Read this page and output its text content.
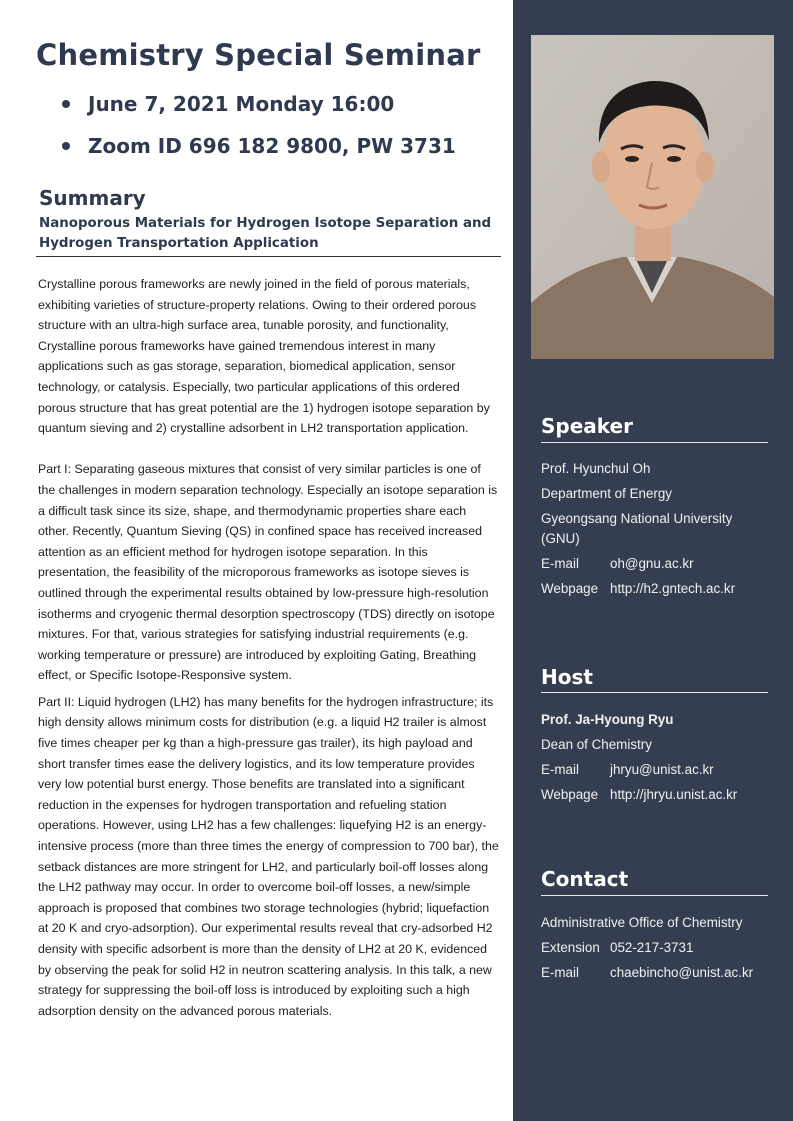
Chemistry Special Seminar
June 7, 2021 Monday 16:00
Zoom ID 696 182 9800, PW 3731
Summary
Nanoporous Materials for Hydrogen Isotope Separation and Hydrogen Transportation Application

Crystalline porous frameworks are newly joined in the field of porous materials, exhibiting varieties of structure-property relations. Owing to their ordered porous structure with an ultra-high surface area, tunable porosity, and functionality, Crystalline porous frameworks have gained tremendous interest in many applications such as gas storage, separation, biomedical application, sensor technology, or catalysis. Especially, two particular applications of this ordered porous structure that has great potential are the 1) hydrogen isotope separation by quantum sieving and 2) crystalline adsorbent in LH2 transportation application.

Part I: Separating gaseous mixtures that consist of very similar particles is one of the challenges in modern separation technology. Especially an isotope separation is a difficult task since its size, shape, and thermodynamic properties share each other. Recently, Quantum Sieving (QS) in confined space has received increased attention as an efficient method for hydrogen isotope separation. In this presentation, the feasibility of the microporous frameworks as isotope sieves is outlined through the experimental results obtained by low-pressure high-resolution isotherms and cryogenic thermal desorption spectroscopy (TDS) directly on isotope mixtures. For that, various strategies for satisfying industrial requirements (e.g. working temperature or pressure) are introduced by exploiting Gating, Breathing effect, or Specific Isotope-Responsive system.

Part II: Liquid hydrogen (LH2) has many benefits for the hydrogen infrastructure; its high density allows minimum costs for distribution (e.g. a liquid H2 trailer is almost five times cheaper per kg than a high-pressure gas trailer), its high payload and short transfer times ease the delivery logistics, and its low temperature provides very low potential burst energy. Those benefits are translated into a significant reduction in the expenses for hydrogen transportation and refueling station operations. However, using LH2 has a few challenges: liquefying H2 is an energy-intensive process (more than three times the energy of compression to 700 bar), the setback distances are more stringent for LH2, and particularly boil-off losses along the LH2 pathway may occur. In order to overcome boil-off losses, a new/simple approach is proposed that combines two storage technologies (hybrid; liquefaction at 20 K and cryo-adsorption). Our experimental results reveal that cry-adsorbed H2 density with specific adsorbent is more than the density of LH2 at 20 K, evidenced by observing the peak for solid H2 in neutron scattering analysis. In this talk, a new strategy for suppressing the boil-off loss is introduced by exploiting such a high adsorption density on the advanced porous materials.

Speaker
Prof. Hyunchul Oh
Department of Energy
Gyeongsang National University (GNU)
E-mail oh@gnu.ac.kr
Webpage http://h2.gntech.ac.kr
Host
Prof. Ja-Hyoung Ryu
Dean of Chemistry
E-mail jhryu@unist.ac.kr
Webpage http://jhryu.unist.ac.kr
Contact
Administrative Office of Chemistry
Extension 052-217-3731
E-mail chaebincho@unist.ac.kr
